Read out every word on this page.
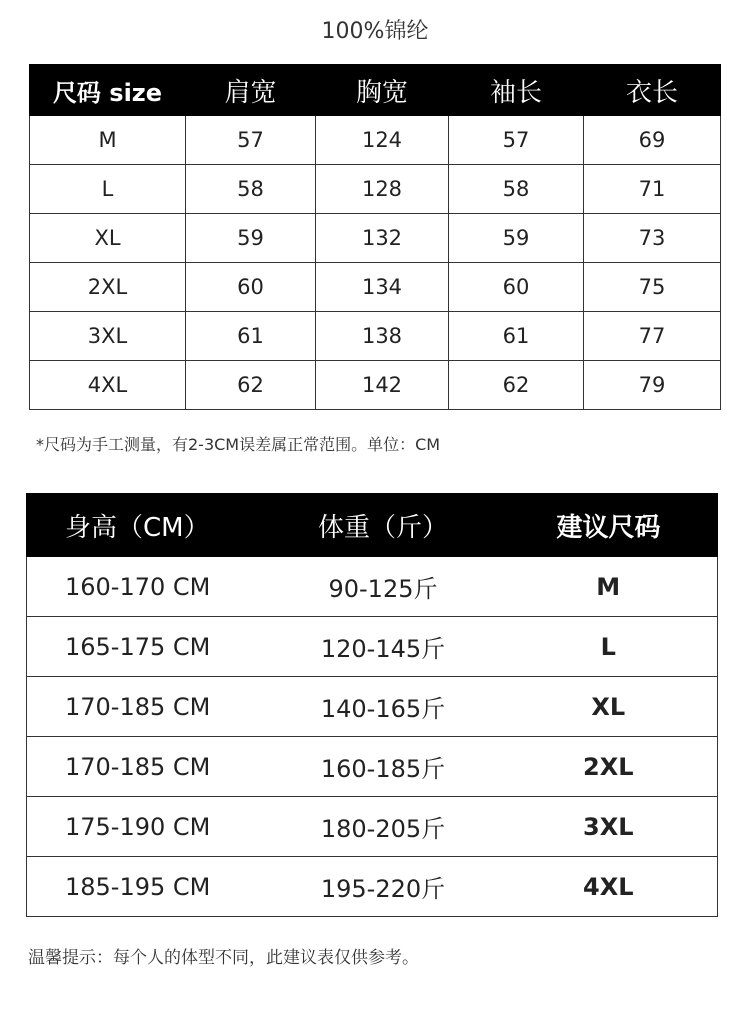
100%锦纶
尺码 size	肩宽	胸宽	袖长	衣长
M	57	124	57	69
L	58	128	58	71
XL	59	132	59	73
2XL	60	134	60	75
3XL	61	138	61	77
4XL	62	142	62	79
*尺码为手工测量，有2-3CM误差属正常范围。单位：CM
身高（CM）	体重（斤）	建议尺码
160-170 CM	90-125斤	M
165-175 CM	120-145斤	L
170-185 CM	140-165斤	XL
170-185 CM	160-185斤	2XL
175-190 CM	180-205斤	3XL
185-195 CM	195-220斤	4XL
温馨提示：每个人的体型不同，此建议表仅供参考。
